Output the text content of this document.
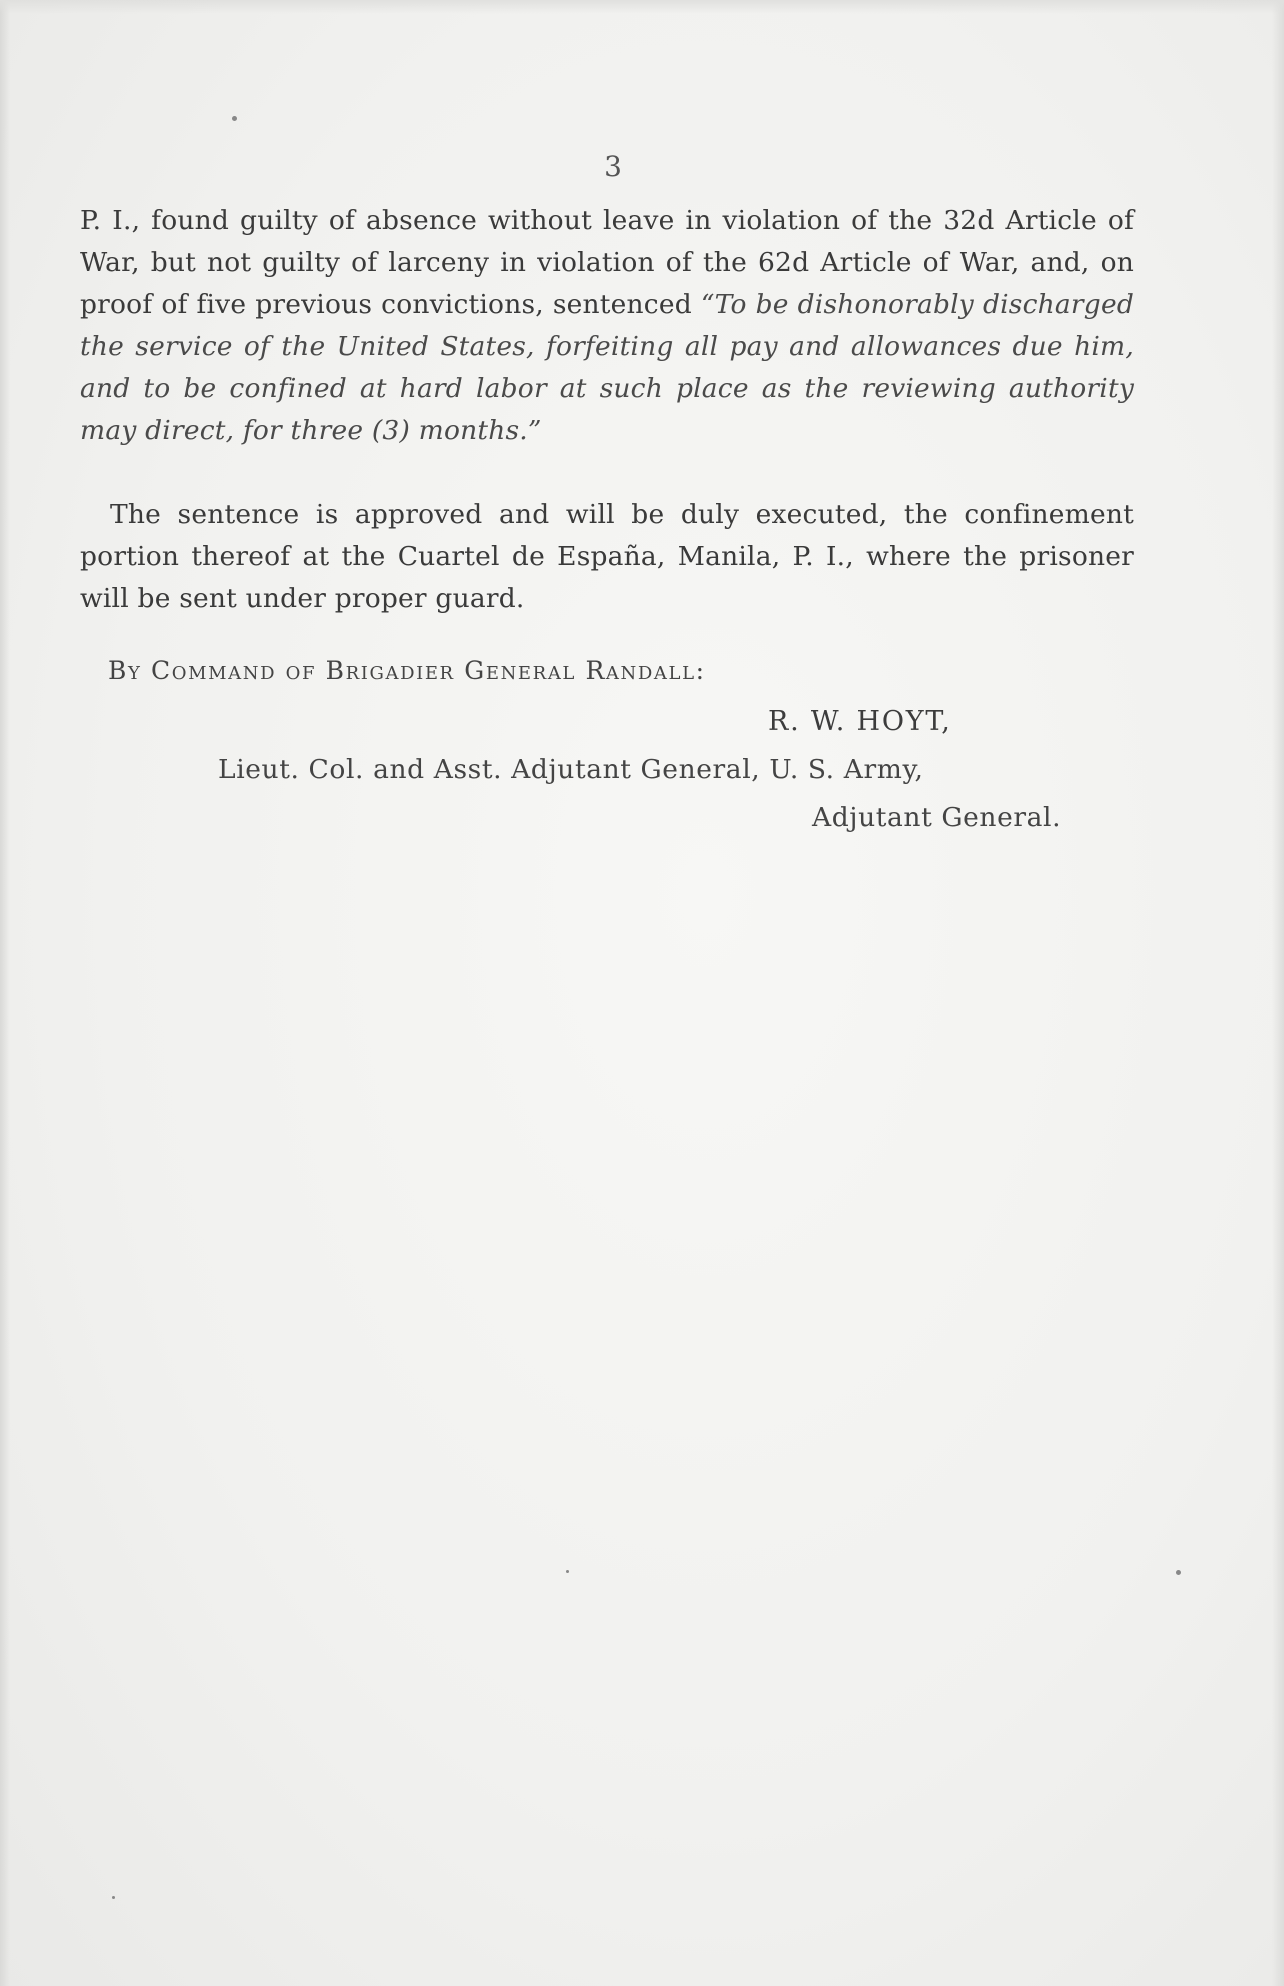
3
P. I., found guilty of absence without leave in violation of the 32d Article of War, but not guilty of larceny in violation of the 62d Article of War, and, on proof of five previous convictions, sentenced “To be dishonorably discharged the service of the United States, forfeiting all pay and allowances due him, and to be confined at hard labor at such place as the reviewing authority may direct, for three (3) months.”
The sentence is approved and will be duly executed, the confinement portion thereof at the Cuartel de España, Manila, P. I., where the prisoner will be sent under proper guard.
By Command of Brigadier General Randall:
R. W. HOYT,
Lieut. Col. and Asst. Adjutant General, U. S. Army,
Adjutant General.
